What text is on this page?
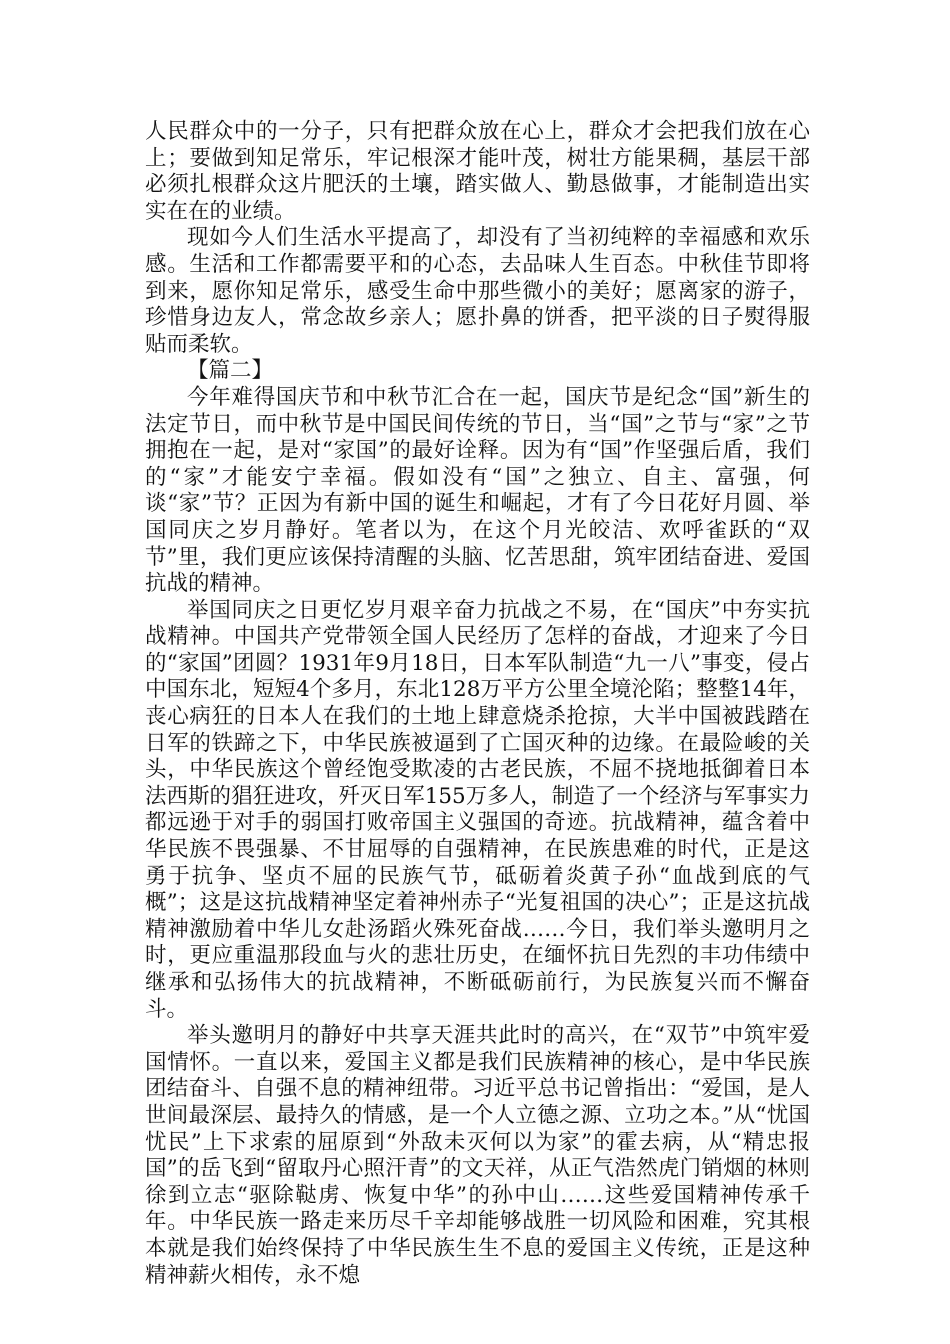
人民群众中的一分子，只有把群众放在心上，群众才会把我们放在心上；要做到知足常乐，牢记根深才能叶茂，树壮方能果稠，基层干部必须扎根群众这片肥沃的土壤，踏实做人、勤恳做事，才能制造出实实在在的业绩。

现如今人们生活水平提高了，却没有了当初纯粹的幸福感和欢乐感。生活和工作都需要平和的心态，去品味人生百态。中秋佳节即将到来，愿你知足常乐，感受生命中那些微小的美好；愿离家的游子，珍惜身边友人，常念故乡亲人；愿扑鼻的饼香，把平淡的日子熨得服贴而柔软。

【篇二】

今年难得国庆节和中秋节汇合在一起，国庆节是纪念“国”新生的法定节日，而中秋节是中国民间传统的节日，当“国”之节与“家”之节拥抱在一起，是对“家国”的最好诠释。因为有“国”作坚强后盾，我们的“家”才能安宁幸福。假如没有“国”之独立、自主、富强，何谈“家”节？正因为有新中国的诞生和崛起，才有了今日花好月圆、举国同庆之岁月静好。笔者以为，在这个月光皎洁、欢呼雀跃的“双节”里，我们更应该保持清醒的头脑、忆苦思甜，筑牢团结奋进、爱国抗战的精神。

举国同庆之日更忆岁月艰辛奋力抗战之不易，在“国庆”中夯实抗战精神。中国共产党带领全国人民经历了怎样的奋战，才迎来了今日的“家国”团圆？1931年9月18日，日本军队制造“九一八”事变，侵占中国东北，短短4个多月，东北128万平方公里全境沦陷；整整14年，丧心病狂的日本人在我们的土地上肆意烧杀抢掠，大半中国被践踏在日军的铁蹄之下，中华民族被逼到了亡国灭种的边缘。在最险峻的关头，中华民族这个曾经饱受欺凌的古老民族，不屈不挠地抵御着日本法西斯的猖狂进攻，歼灭日军155万多人，制造了一个经济与军事实力都远逊于对手的弱国打败帝国主义强国的奇迹。抗战精神，蕴含着中华民族不畏强暴、不甘屈辱的自强精神，在民族患难的时代，正是这勇于抗争、坚贞不屈的民族气节，砥砺着炎黄子孙“血战到底的气概”；这是这抗战精神坚定着神州赤子“光复祖国的决心”；正是这抗战精神激励着中华儿女赴汤蹈火殊死奋战……今日，我们举头邀明月之时，更应重温那段血与火的悲壮历史，在缅怀抗日先烈的丰功伟绩中继承和弘扬伟大的抗战精神，不断砥砺前行，为民族复兴而不懈奋斗。

举头邀明月的静好中共享天涯共此时的高兴，在“双节”中筑牢爱国情怀。一直以来，爱国主义都是我们民族精神的核心，是中华民族团结奋斗、自强不息的精神纽带。习近平总书记曾指出：“爱国，是人世间最深层、最持久的情感，是一个人立德之源、立功之本。”从“忧国忧民”上下求索的屈原到“外敌未灭何以为家”的霍去病，从“精忠报国”的岳飞到“留取丹心照汗青”的文天祥，从正气浩然虎门销烟的林则徐到立志“驱除鞑虏、恢复中华”的孙中山……这些爱国精神传承千年。中华民族一路走来历尽千辛却能够战胜一切风险和困难，究其根本就是我们始终保持了中华民族生生不息的爱国主义传统，正是这种精神薪火相传，永不熄
